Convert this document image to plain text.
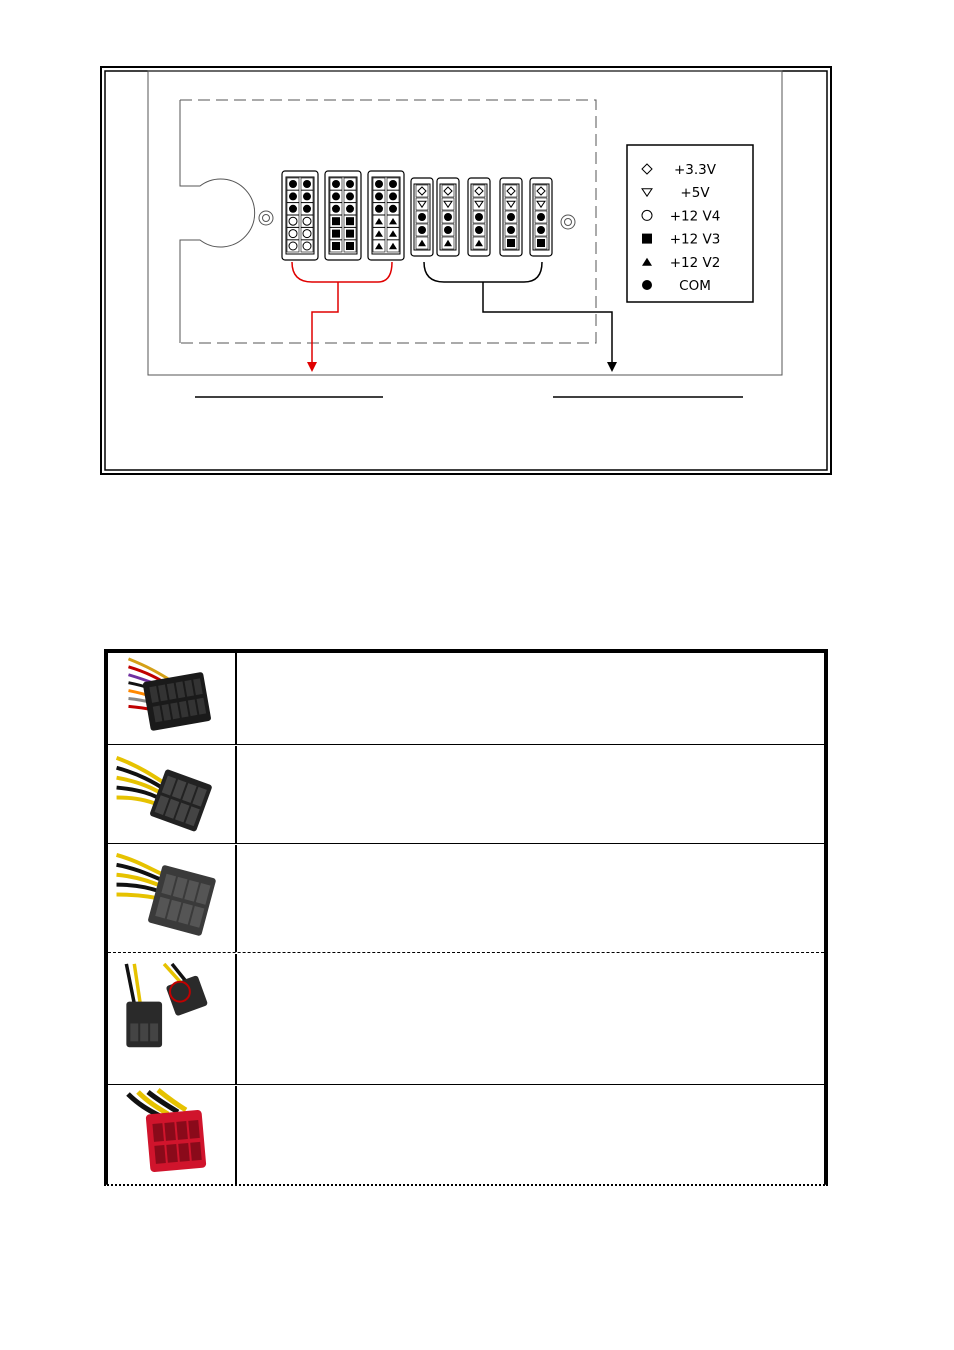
+3.3V
+5V
+12 V4
+12 V3
+12 V2
COM
